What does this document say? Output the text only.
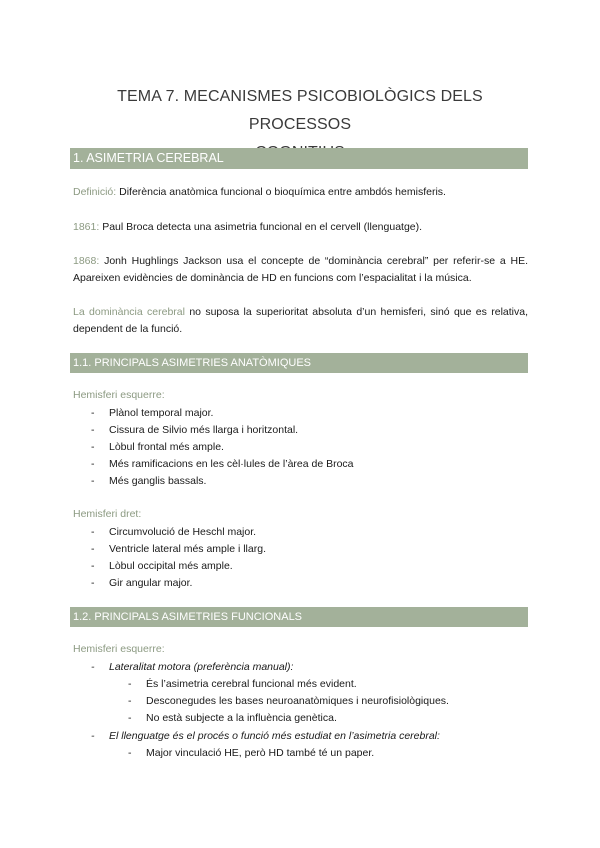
TEMA 7. MECANISMES PSICOBIOLÒGICS DELS PROCESSOS
1. ASIMETRIA CEREBRAL
Definició: Diferència anatòmica funcional o bioquímica entre ambdós hemisferis.
1861: Paul Broca detecta una asimetria funcional en el cervell (llenguatge).
1868: Jonh Hughlings Jackson usa el concepte de “dominància cerebral” per referir-se a HE. Apareixen evidències de dominància de HD en funcions com l’espacialitat i la música.
La dominància cerebral no suposa la superioritat absoluta d’un hemisferi, sinó que es relativa, dependent de la funció.
1.1. PRINCIPALS ASIMETRIES ANATÒMIQUES
Hemisferi esquerre:
- Plànol temporal major.
- Cissura de Silvio més llarga i horitzontal.
- Lòbul frontal més ample.
- Més ramificacions en les cèl·lules de l’àrea de Broca
- Més ganglis bassals.
Hemisferi dret:
- Circumvolució de Heschl major.
- Ventricle lateral més ample i llarg.
- Lòbul occipital més ample.
- Gir angular major.
1.2. PRINCIPALS ASIMETRIES FUNCIONALS
Hemisferi esquerre:
- Lateralitat motora (preferència manual):
- És l’asimetria cerebral funcional més evident.
- Desconegudes les bases neuroanatòmiques i neurofisiològiques.
- No està subjecte a la influència genètica.
- El llenguatge és el procés o funció més estudiat en l’asimetria cerebral:
- Major vinculació HE, però HD també té un paper.
